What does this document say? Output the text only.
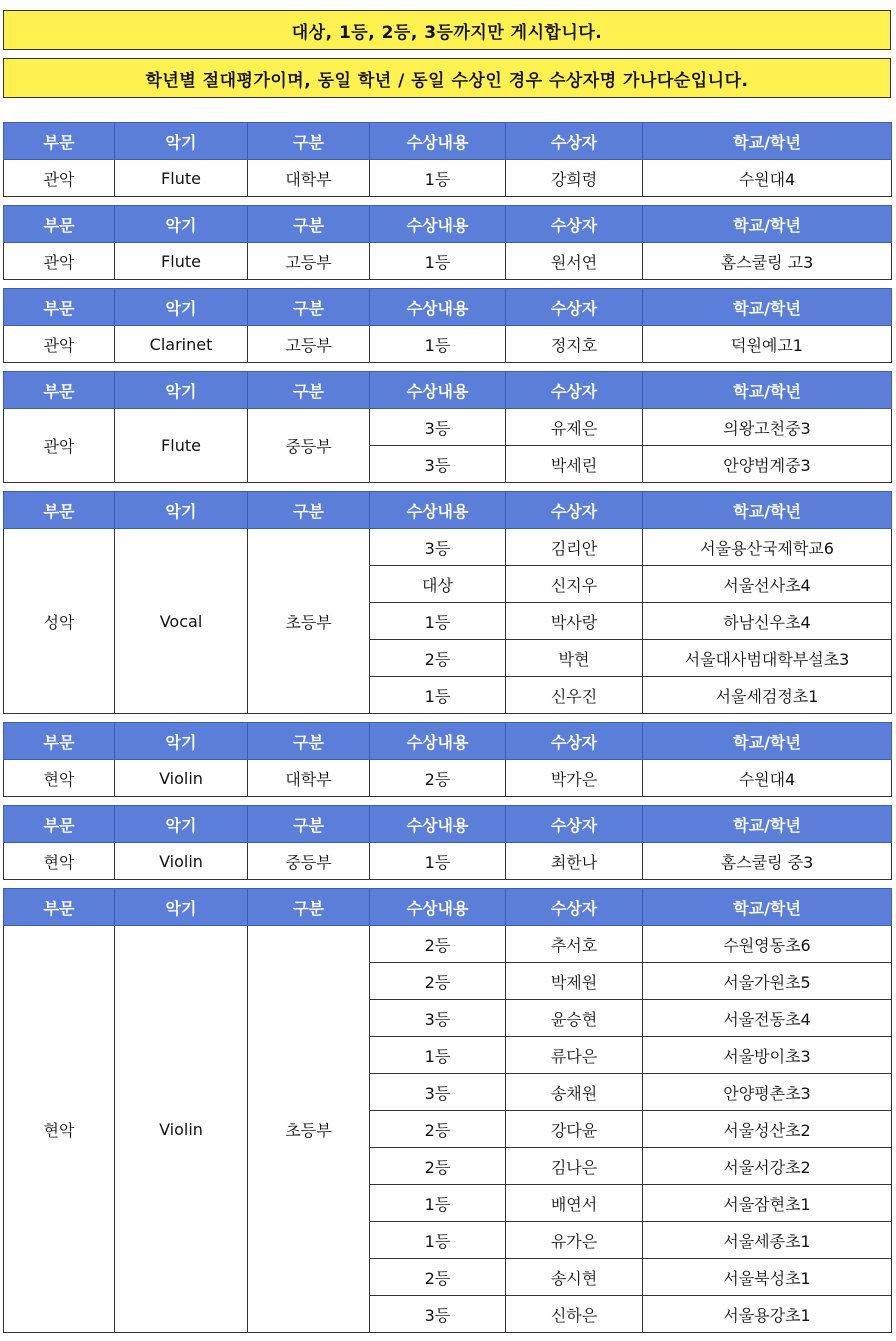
대상, 1등, 2등, 3등까지만 게시합니다.
학년별 절대평가이며, 동일 학년 / 동일 수상인 경우 수상자명 가나다순입니다.
부문	악기	구분	수상내용	수상자	학교/학년
관악	Flute	대학부	1등	강희령	수원대4
부문	악기	구분	수상내용	수상자	학교/학년
관악	Flute	고등부	1등	원서연	홈스쿨링 고3
부문	악기	구분	수상내용	수상자	학교/학년
관악	Clarinet	고등부	1등	정지호	덕원예고1
부문	악기	구분	수상내용	수상자	학교/학년
관악	Flute	중등부	3등	유제은	의왕고천중3
			3등	박세린	안양범계중3
부문	악기	구분	수상내용	수상자	학교/학년
성악	Vocal	초등부	3등	김리안	서울용산국제학교6
			대상	신지우	서울선사초4
			1등	박사랑	하남신우초4
			2등	박현	서울대사범대학부설초3
			1등	신우진	서울세검정초1
부문	악기	구분	수상내용	수상자	학교/학년
현악	Violin	대학부	2등	박가은	수원대4
부문	악기	구분	수상내용	수상자	학교/학년
현악	Violin	중등부	1등	최한나	홈스쿨링 중3
부문	악기	구분	수상내용	수상자	학교/학년
현악	Violin	초등부	2등	추서호	수원영동초6
			2등	박제원	서울가원초5
			3등	윤승현	서울전동초4
			1등	류다은	서울방이초3
			3등	송채원	안양평촌초3
			2등	강다윤	서울성산초2
			2등	김나은	서울서강초2
			1등	배연서	서울잠현초1
			1등	유가은	서울세종초1
			2등	송시현	서울북성초1
			3등	신하은	서울용강초1
